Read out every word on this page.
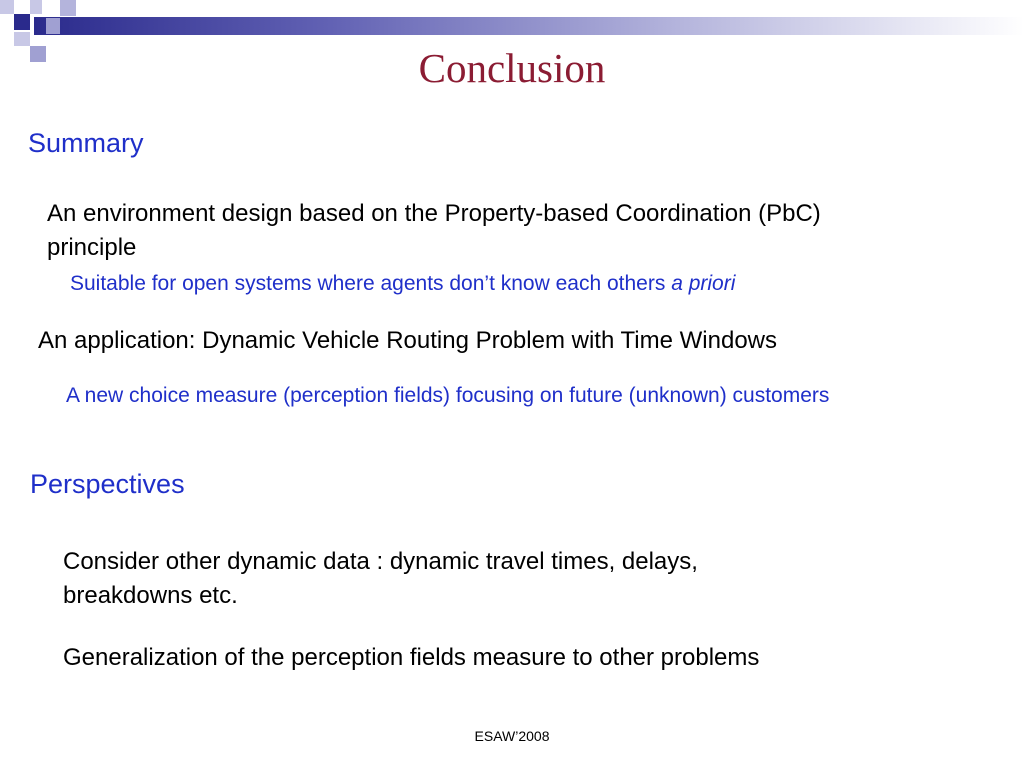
Conclusion
Summary
An environment design based on the Property-based Coordination (PbC)
principle
Suitable for open systems where agents don’t know each others a priori
An application: Dynamic Vehicle Routing Problem with Time Windows
A new choice measure (perception fields) focusing on future (unknown) customers
Perspectives
Consider other dynamic data : dynamic travel times, delays,
breakdowns etc.
Generalization of the perception fields measure to other problems
ESAW’2008
